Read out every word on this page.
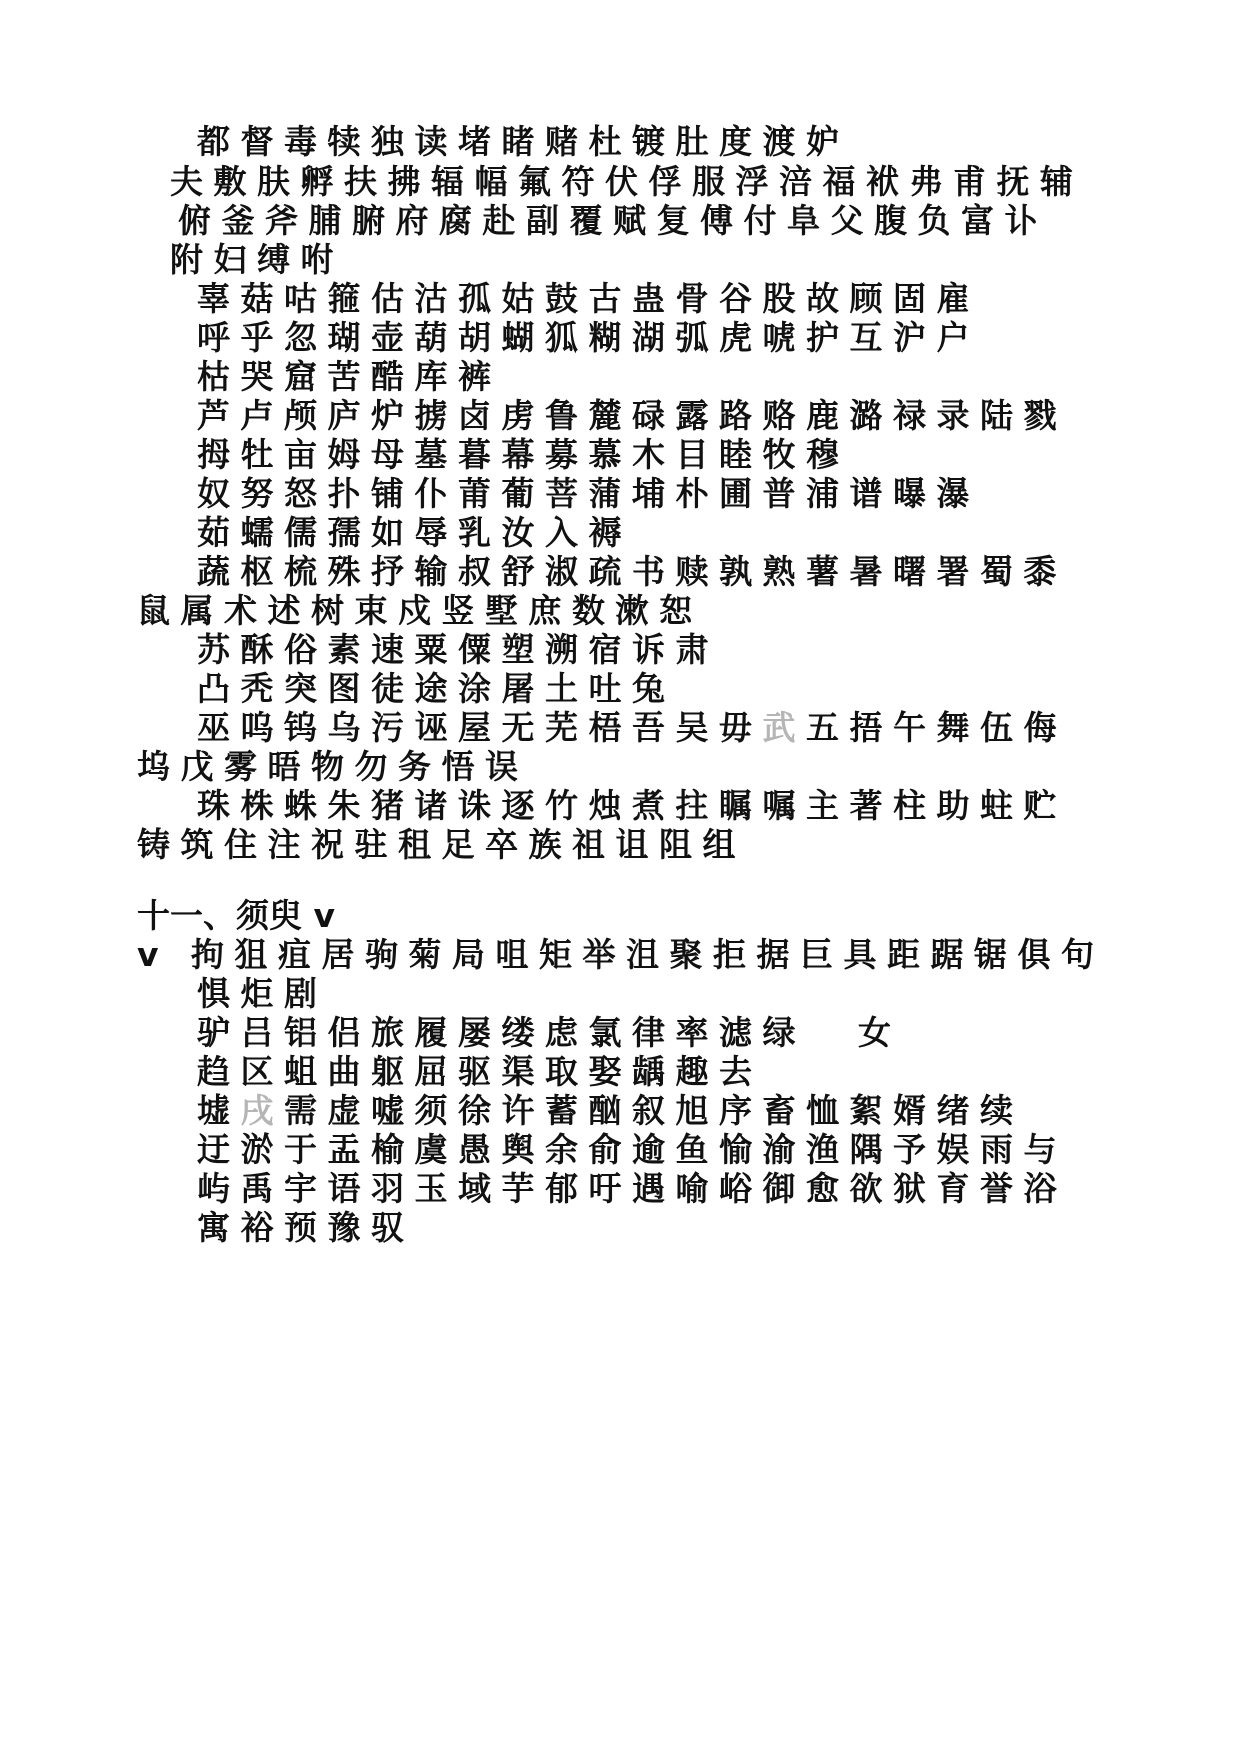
都督毒犊独读堵睹赌杜镀肚度渡妒
夫敷肤孵扶拂辐幅氟符伏俘服浮涪福袱弗甫抚辅
俯釜斧脯腑府腐赴副覆赋复傅付阜父腹负富讣
附妇缚咐
辜菇咕箍估沽孤姑鼓古蛊骨谷股故顾固雇
呼乎忽瑚壶葫胡蝴狐糊湖弧虎唬护互沪户
枯哭窟苦酷库裤
芦卢颅庐炉掳卤虏鲁麓碌露路赂鹿潞禄录陆戮
拇牡亩姆母墓暮幕募慕木目睦牧穆
奴努怒扑铺仆莆葡菩蒲埔朴圃普浦谱曝瀑
茹蠕儒孺如辱乳汝入褥
蔬枢梳殊抒输叔舒淑疏书赎孰熟薯暑曙署蜀黍
鼠属术述树束戍竖墅庶数漱恕
苏酥俗素速粟僳塑溯宿诉肃
凸秃突图徒途涂屠土吐兔
巫呜钨乌污诬屋无芜梧吾吴毋武五捂午舞伍侮
坞戊雾晤物勿务悟误
珠株蛛朱猪诸诛逐竹烛煮拄瞩嘱主著柱助蛀贮
铸筑住注祝驻租足卒族祖诅阻组
十一、须臾 v
v 拘狙疽居驹菊局咀矩举沮聚拒据巨具距踞锯俱句
惧炬剧
驴吕铝侣旅履屡缕虑氯律率滤绿 女
趋区蛆曲躯屈驱渠取娶龋趣去
墟戌需虚嘘须徐许蓄酗叙旭序畜恤絮婿绪续
迂淤于盂榆虞愚舆余俞逾鱼愉渝渔隅予娱雨与
屿禹宇语羽玉域芋郁吁遇喻峪御愈欲狱育誉浴
寓裕预豫驭
